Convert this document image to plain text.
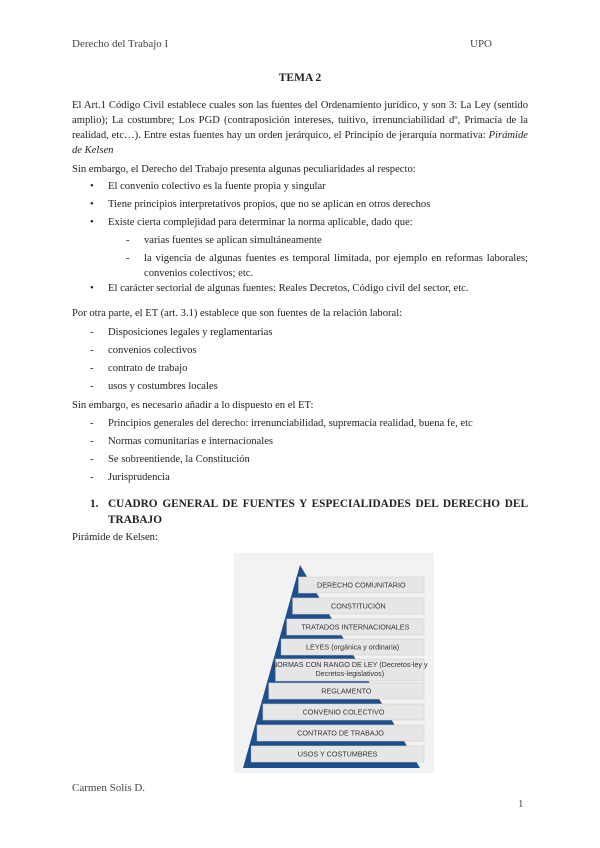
Derecho del Trabajo I	UPO
TEMA 2

El Art.1 Código Civil establece cuales son las fuentes del Ordenamiento jurídico, y son 3: La Ley (sentido amplio); La costumbre; Los PGD (contraposición intereses, tuitivo, irrenunciabilidad dº, Primacía de la realidad, etc…). Entre estas fuentes hay un orden jerárquico, el Principio de jerarquía normativa: Pirámide de Kelsen

Sin embargo, el Derecho del Trabajo presenta algunas peculiaridades al respecto:

• El convenio colectivo es la fuente propia y singular
• Tiene principios interpretativos propios, que no se aplican en otros derechos
• Existe cierta complejidad para determinar la norma aplicable, dado que:
- varias fuentes se aplican simultáneamente
- la vigencia de algunas fuentes es temporal limitada, por ejemplo en reformas laborales; convenios colectivos; etc.
• El carácter sectorial de algunas fuentes: Reales Decretos, Código civil del sector, etc.

Por otra parte, el ET (art. 3.1) establece que son fuentes de la relación laboral:

- Disposiciones legales y reglamentarias
- convenios colectivos
- contrato de trabajo
- usos y costumbres locales

Sin embargo, es necesario añadir a lo dispuesto en el ET:

- Principios generales del derecho: irrenunciabilidad, supremacía realidad, buena fe, etc
- Normas comunitarias e internacionales
- Se sobreentiende, la Constitución
- Jurisprudencia
1. CUADRO GENERAL DE FUENTES Y ESPECIALIDADES DEL DERECHO DEL TRABAJO

Pirámide de Kelsen:

DERECHO COMUNITARIO
CONSTITUCIÓN
TRATADOS INTERNACIONALES
LEYES (orgánica y ordinaria)
NORMAS CON RANGO DE LEY (Decretos-ley y
Decretos-legislativos)
REGLAMENTO
CONVENIO COLECTIVO
CONTRATO DE TRABAJO
USOS Y COSTUMBRES
Carmen Solís D.
1
